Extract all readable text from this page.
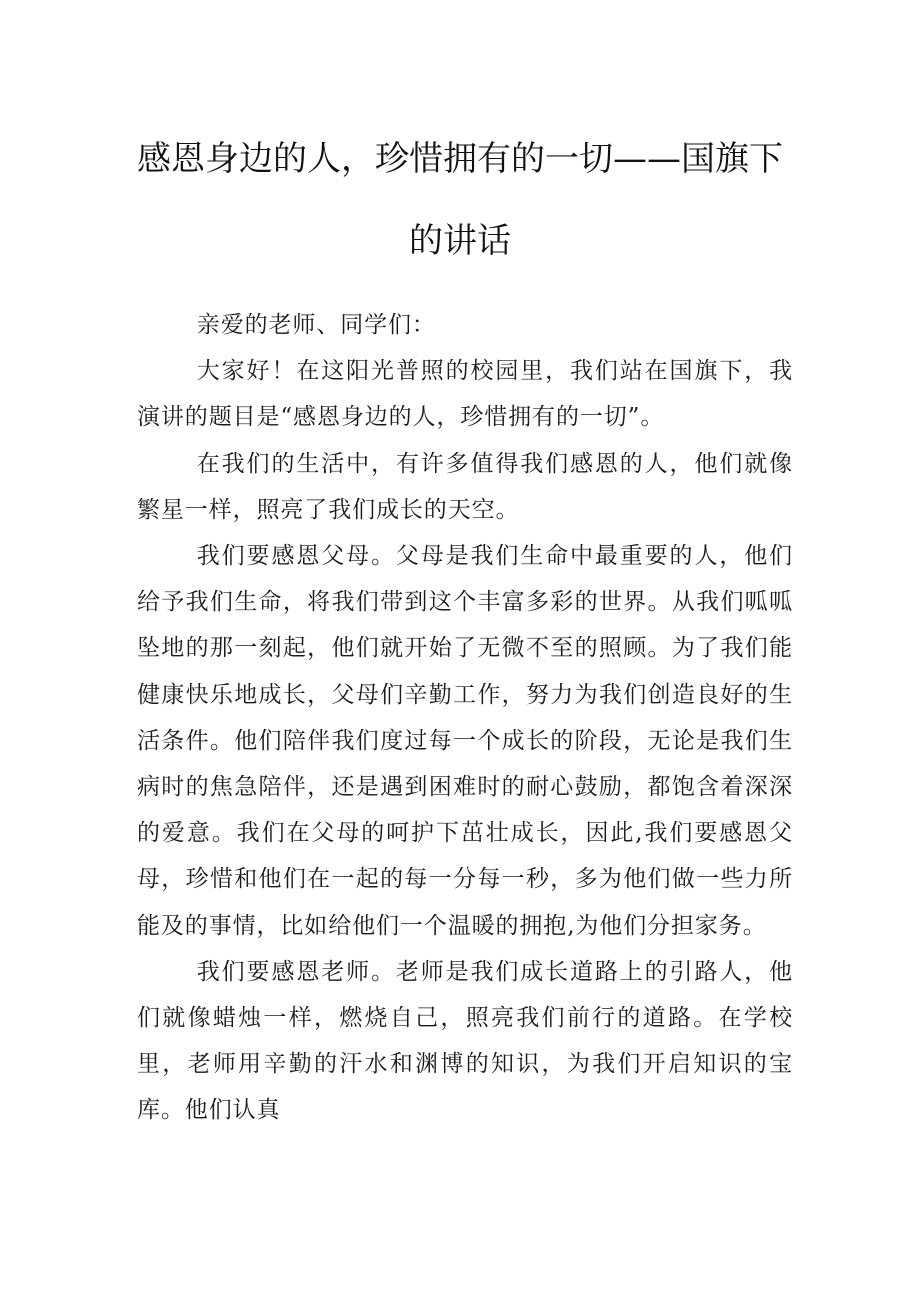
感恩身边的人，珍惜拥有的一切——国旗下
的讲话

亲爱的老师、同学们：

大家好！在这阳光普照的校园里，我们站在国旗下，我演讲的题目是“感恩身边的人，珍惜拥有的一切”。

在我们的生活中，有许多值得我们感恩的人，他们就像繁星一样，照亮了我们成长的天空。

我们要感恩父母。父母是我们生命中最重要的人，他们给予我们生命，将我们带到这个丰富多彩的世界。从我们呱呱坠地的那一刻起，他们就开始了无微不至的照顾。为了我们能健康快乐地成长，父母们辛勤工作，努力为我们创造良好的生活条件。他们陪伴我们度过每一个成长的阶段，无论是我们生病时的焦急陪伴，还是遇到困难时的耐心鼓励，都饱含着深深的爱意。我们在父母的呵护下茁壮成长，因此,我们要感恩父母，珍惜和他们在一起的每一分每一秒，多为他们做一些力所能及的事情，比如给他们一个温暖的拥抱,为他们分担家务。

我们要感恩老师。老师是我们成长道路上的引路人，他们就像蜡烛一样，燃烧自己，照亮我们前行的道路。在学校里，老师用辛勤的汗水和渊博的知识，为我们开启知识的宝库。他们认真
